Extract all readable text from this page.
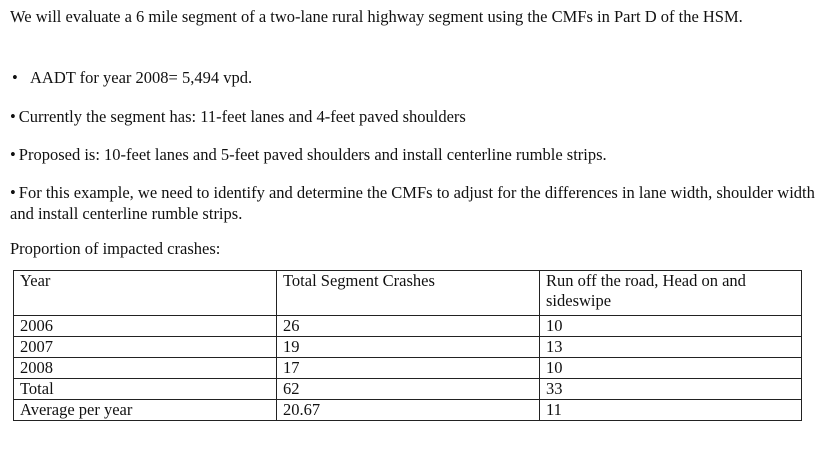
We will evaluate a 6 mile segment of a two-lane rural highway segment using the CMFs in Part D of the HSM.

• AADT for year 2008= 5,494 vpd.

• Currently the segment has: 11-feet lanes and 4-feet paved shoulders

• Proposed is: 10-feet lanes and 5-feet paved shoulders and install centerline rumble strips.

• For this example, we need to identify and determine the CMFs to adjust for the differences in lane width, shoulder width and install centerline rumble strips.

Proportion of impacted crashes:

Year	Total Segment Crashes	Run off the road, Head on and sideswipe
2006	26	10
2007	19	13
2008	17	10
Total	62	33
Average per year	20.67	11
